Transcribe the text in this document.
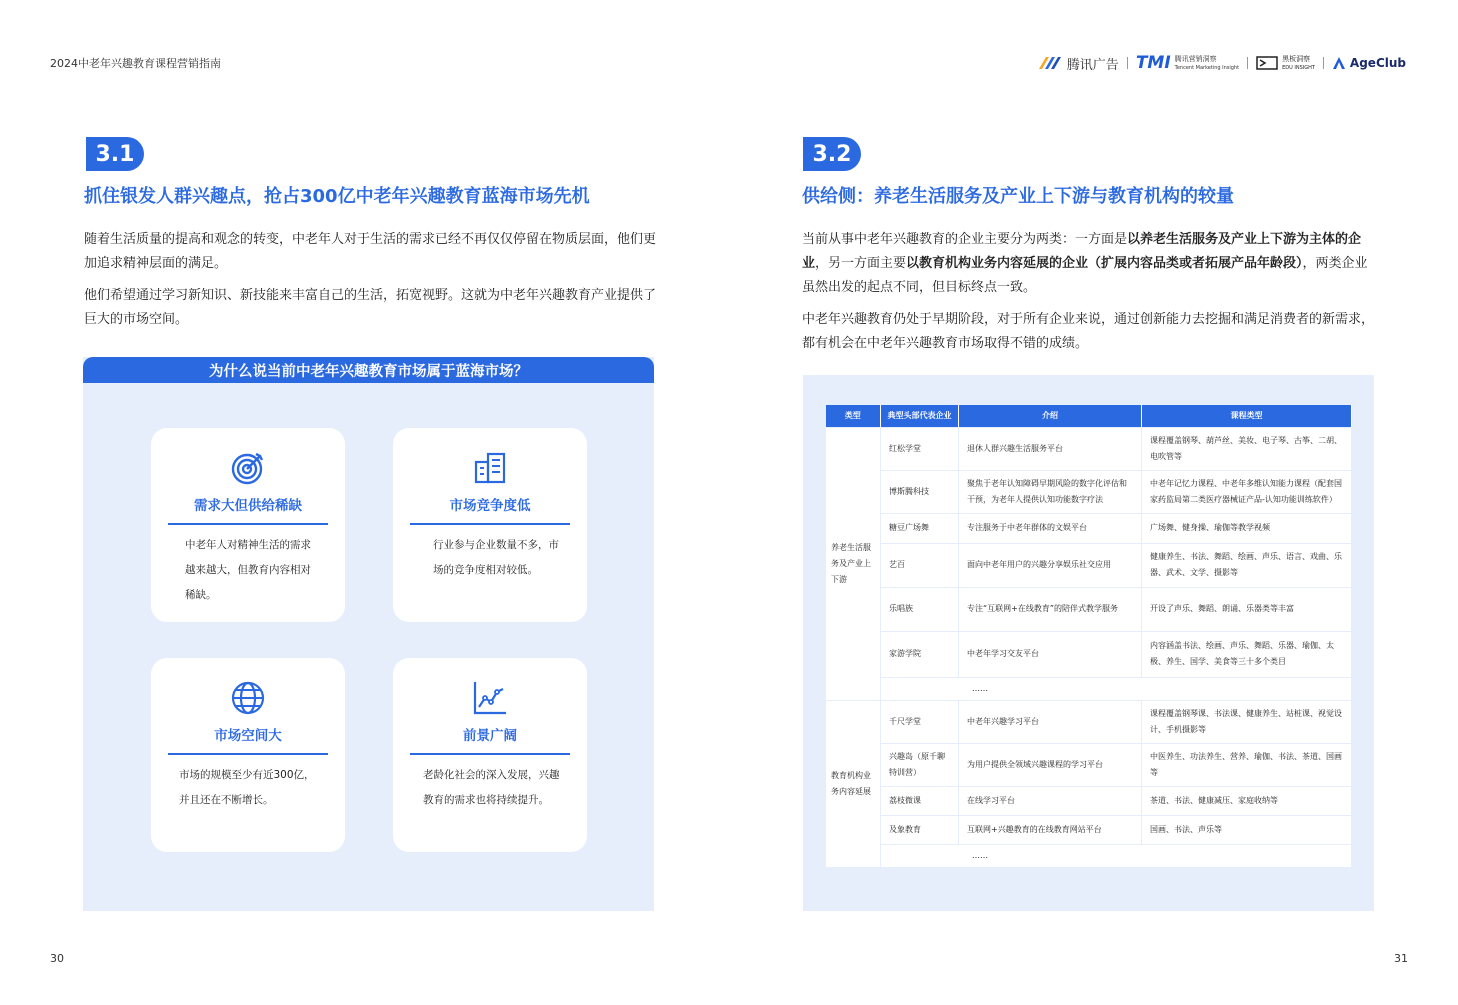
2024中老年兴趣教育课程营销指南	腾讯广告 TMI 腾讯营销洞察
Tencent Marketing Insight
黑板洞察
EDU INSIGHT	AgeClub
3.1
抓住银发人群兴趣点，抢占300亿中老年兴趣教育蓝海市场先机
随着生活质量的提高和观念的转变，中老年人对于生活的需求已经不再仅仅停留在物质层面，他们更加追求精神层面的满足。
他们希望通过学习新知识、新技能来丰富自己的生活，拓宽视野。这就为中老年兴趣教育产业提供了巨大的市场空间。
为什么说当前中老年兴趣教育市场属于蓝海市场？
需求大但供给稀缺
中老年人对精神生活的需求越来越大，但教育内容相对稀缺。
市场竞争度低
行业参与企业数量不多，市场的竞争度相对较低。
市场空间大
市场的规模至少有近300亿，并且还在不断增长。
前景广阔
老龄化社会的深入发展，兴趣教育的需求也将持续提升。
30
3.2
供给侧：养老生活服务及产业上下游与教育机构的较量
当前从事中老年兴趣教育的企业主要分为两类：一方面是以养老生活服务及产业上下游为主体的企业，另一方面主要以教育机构业务内容延展的企业（扩展内容品类或者拓展产品年龄段），两类企业虽然出发的起点不同，但目标终点一致。
中老年兴趣教育仍处于早期阶段，对于所有企业来说，通过创新能力去挖掘和满足消费者的新需求，都有机会在中老年兴趣教育市场取得不错的成绩。
类型	典型头部代表企业	介绍	课程类型
养老生活服务及产业上下游	红松学堂	退休人群兴趣生活服务平台	课程覆盖钢琴、葫芦丝、美妆、电子琴、古筝、二胡、电吹管等
	博斯腾科技	聚焦于老年认知障碍早期风险的数字化评估和干预，为老年人提供认知功能数字疗法	中老年记忆力课程、中老年多维认知能力课程（配套国家药监局第二类医疗器械证产品-认知功能训练软件）
	糖豆广场舞	专注服务于中老年群体的文娱平台	广场舞、健身操、瑜伽等教学视频
	艺百	面向中老年用户的兴趣分享娱乐社交应用	健康养生、书法、舞蹈、绘画、声乐、语言、戏曲、乐器、武术、文学、摄影等
	乐唱族	专注“互联网+在线教育”的陪伴式教学服务	开设了声乐、舞蹈、朗诵、乐器类等丰富
	家游学院	中老年学习交友平台	内容涵盖书法、绘画、声乐、舞蹈、乐器、瑜伽、太极、养生、国学、美食等三十多个类目
	……		
教育机构业务内容延展	千尺学堂	中老年兴趣学习平台	课程覆盖钢琴课、书法课、健康养生、站桩课、视觉设计、手机摄影等
	兴趣岛（原千聊特训营）	为用户提供全领域兴趣课程的学习平台	中医养生、功法养生、营养、瑜伽、书法、茶道、国画等
	荔枝微课	在线学习平台	茶道、书法、健康减压、家庭收纳等
	及象教育	互联网+兴趣教育的在线教育网站平台	国画、书法、声乐等
	……		
31
